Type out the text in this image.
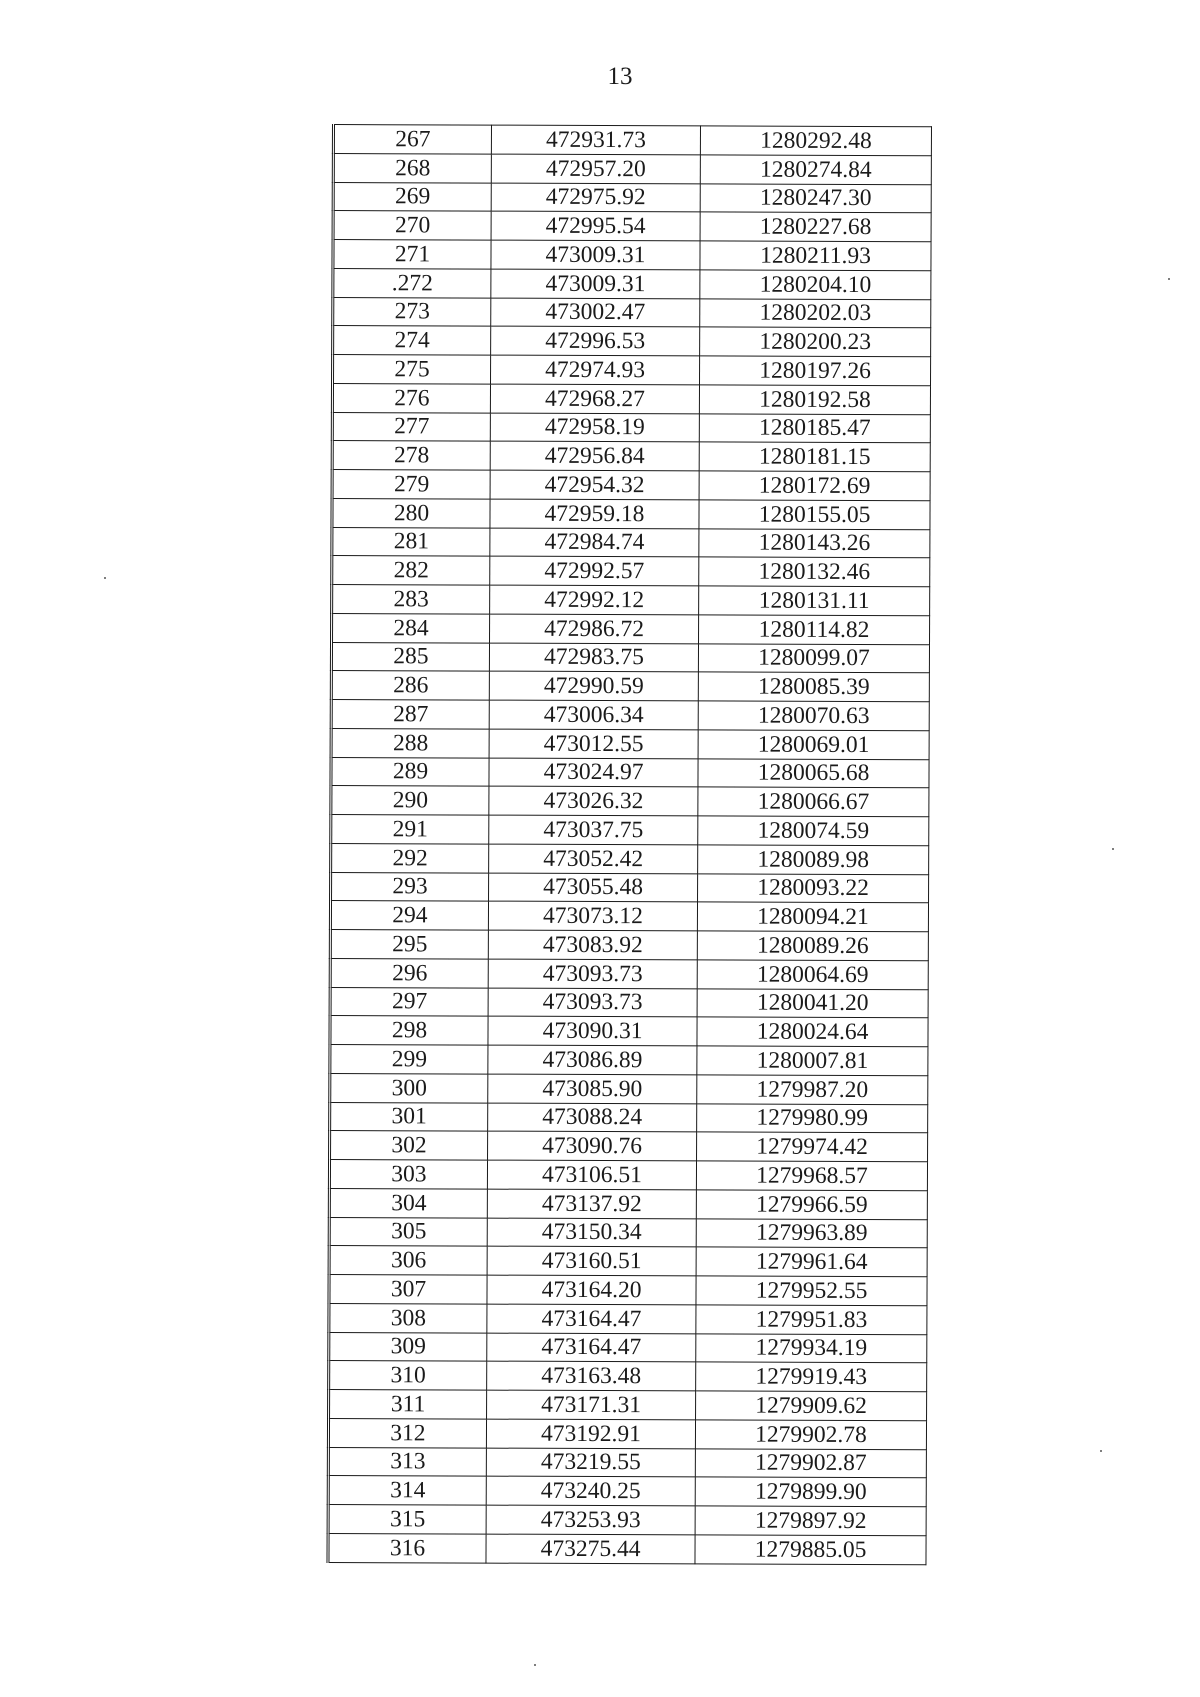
13
267	472931.73	1280292.48
268	472957.20	1280274.84
269	472975.92	1280247.30
270	472995.54	1280227.68
271	473009.31	1280211.93
.272	473009.31	1280204.10
273	473002.47	1280202.03
274	472996.53	1280200.23
275	472974.93	1280197.26
276	472968.27	1280192.58
277	472958.19	1280185.47
278	472956.84	1280181.15
279	472954.32	1280172.69
280	472959.18	1280155.05
281	472984.74	1280143.26
282	472992.57	1280132.46
283	472992.12	1280131.11
284	472986.72	1280114.82
285	472983.75	1280099.07
286	472990.59	1280085.39
287	473006.34	1280070.63
288	473012.55	1280069.01
289	473024.97	1280065.68
290	473026.32	1280066.67
291	473037.75	1280074.59
292	473052.42	1280089.98
293	473055.48	1280093.22
294	473073.12	1280094.21
295	473083.92	1280089.26
296	473093.73	1280064.69
297	473093.73	1280041.20
298	473090.31	1280024.64
299	473086.89	1280007.81
300	473085.90	1279987.20
301	473088.24	1279980.99
302	473090.76	1279974.42
303	473106.51	1279968.57
304	473137.92	1279966.59
305	473150.34	1279963.89
306	473160.51	1279961.64
307	473164.20	1279952.55
308	473164.47	1279951.83
309	473164.47	1279934.19
310	473163.48	1279919.43
311	473171.31	1279909.62
312	473192.91	1279902.78
313	473219.55	1279902.87
314	473240.25	1279899.90
315	473253.93	1279897.92
316	473275.44	1279885.05
